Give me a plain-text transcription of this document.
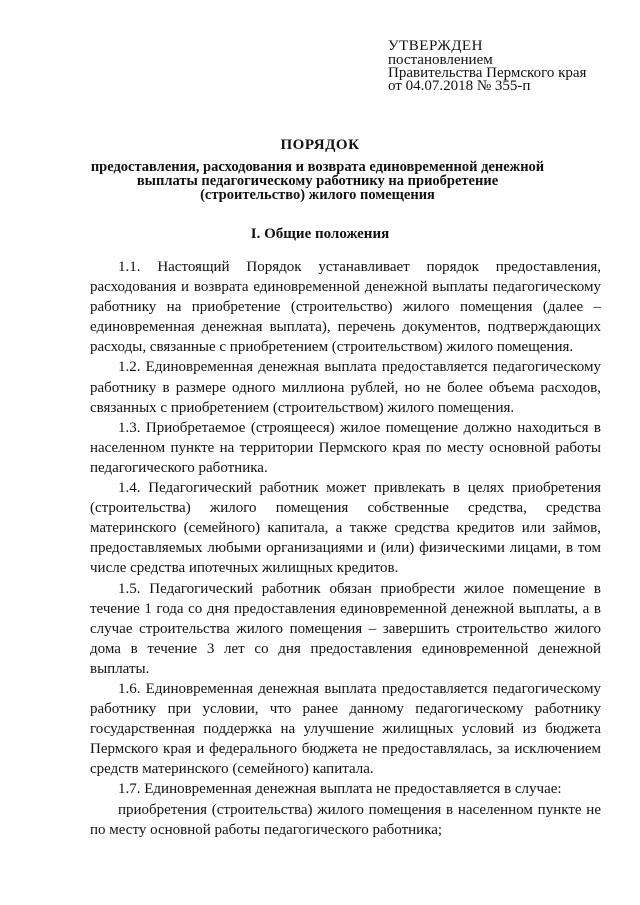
УТВЕРЖДЕН
постановлением
Правительства Пермского края
от 04.07.2018 № 355-п
ПОРЯДОК
предоставления, расходования и возврата единовременной денежной выплаты педагогическому работнику на приобретение (строительство) жилого помещения
I. Общие положения

1.1. Настоящий Порядок устанавливает порядок предоставления, расходования и возврата единовременной денежной выплаты педагогическому работнику на приобретение (строительство) жилого помещения (далее – единовременная денежная выплата), перечень документов, подтверждающих расходы, связанные с приобретением (строительством) жилого помещения.

1.2. Единовременная денежная выплата предоставляется педагогическому работнику в размере одного миллиона рублей, но не более объема расходов, связанных с приобретением (строительством) жилого помещения.

1.3. Приобретаемое (строящееся) жилое помещение должно находиться в населенном пункте на территории Пермского края по месту основной работы педагогического работника.

1.4. Педагогический работник может привлекать в целях приобретения (строительства) жилого помещения собственные средства, средства материнского (семейного) капитала, а также средства кредитов или займов, предоставляемых любыми организациями и (или) физическими лицами, в том числе средства ипотечных жилищных кредитов.

1.5. Педагогический работник обязан приобрести жилое помещение в течение 1 года со дня предоставления единовременной денежной выплаты, а в случае строительства жилого помещения – завершить строительство жилого дома в течение 3 лет со дня предоставления единовременной денежной выплаты.

1.6. Единовременная денежная выплата предоставляется педагогическому работнику при условии, что ранее данному педагогическому работнику государственная поддержка на улучшение жилищных условий из бюджета Пермского края и федерального бюджета не предоставлялась, за исключением средств материнского (семейного) капитала.

1.7. Единовременная денежная выплата не предоставляется в случае:

приобретения (строительства) жилого помещения в населенном пункте не по месту основной работы педагогического работника;
